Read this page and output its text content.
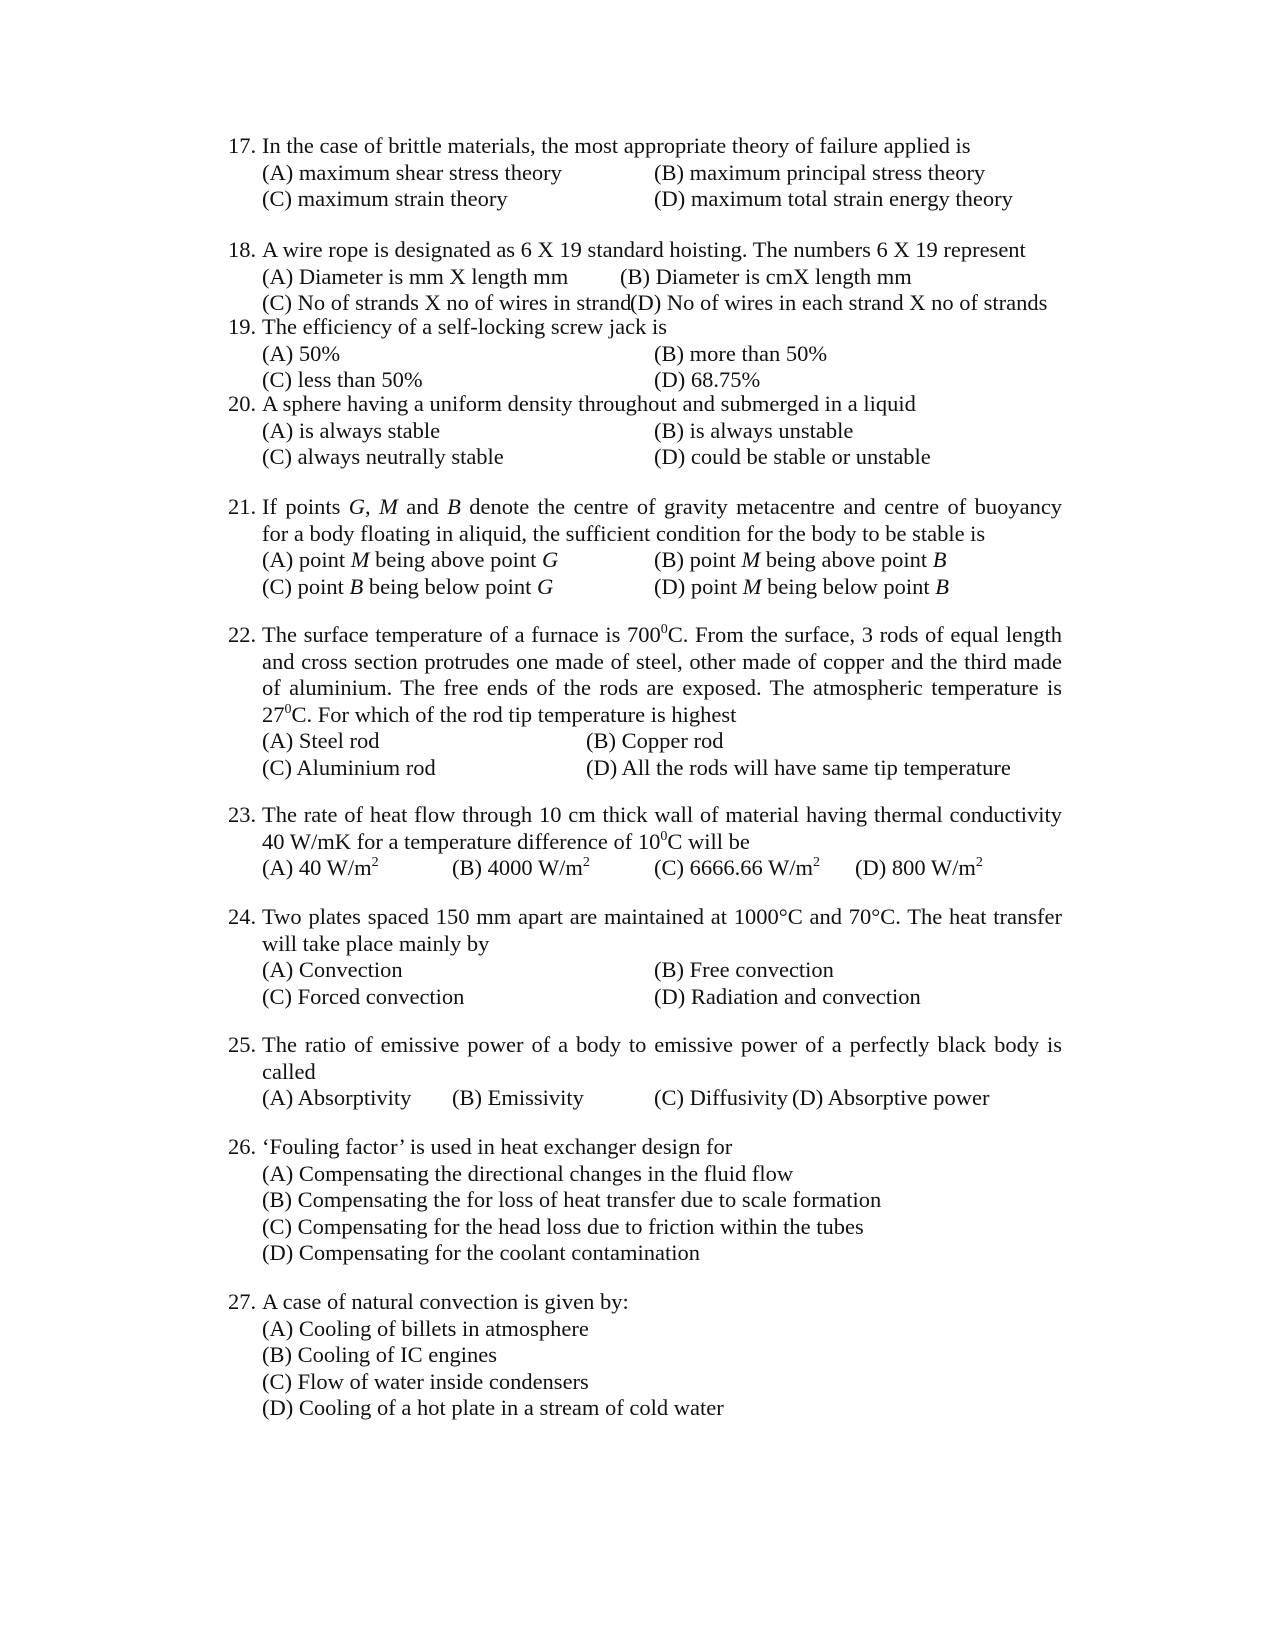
17. In the case of brittle materials, the most appropriate theory of failure applied is
(A) maximum shear stress theory	(B) maximum principal stress theory
(C) maximum strain theory	(D) maximum total strain energy theory
18. A wire rope is designated as 6 X 19 standard hoisting. The numbers 6 X 19 represent
(A) Diameter is mm X length mm (B) Diameter is cmX length mm
(C) No of strands X no of wires in strand
(D) No of wires in each strand X no of strands
19. The efficiency of a self-locking screw jack is
(A) 50%	(B) more than 50%
(C) less than 50%	(D) 68.75%
20. A sphere having a uniform density throughout and submerged in a liquid
(A) is always stable	(B) is always unstable
(C) always neutrally stable	(D) could be stable or unstable
21. If points G, M and B denote the centre of gravity metacentre and centre of buoyancy
for a body floating in aliquid, the sufficient condition for the body to be stable is
(A) point M being above point G	(B) point M being above point B
(C) point B being below point G	(D) point M being below point B
22. The surface temperature of a furnace is $700^0C$. From the surface, 3 rods of equal length
and cross section protrudes one made of steel, other made of copper and the third made
of aluminium. The free ends of the rods are exposed. The atmospheric temperature is
$27^0C$. For which of the rod tip temperature is highest
(A) Steel rod	(B) Copper rod
(C) Aluminium rod	(D) All the rods will have same tip temperature
23. The rate of heat flow through 10 cm thick wall of material having thermal conductivity
40 W/mK for a temperature difference of $10^0C$ will be
(A) 40 $W/m^2$	(B) 4000 $W/m^2$	(C) 6666.66 $W/m^2$ (D) 800 $W/m^2$
24. Two plates spaced 150 mm apart are maintained at 1000°C and 70°C. The heat transfer
will take place mainly by
(A) Convection	(B) Free convection
(C) Forced convection	(D) Radiation and convection
25. The ratio of emissive power of a body to emissive power of a perfectly black body is
called
(A) Absorptivity (B) Emissivity	(C) Diffusivity (D) Absorptive power
26. ‘Fouling factor’ is used in heat exchanger design for
(A) Compensating the directional changes in the fluid flow
(B) Compensating the for loss of heat transfer due to scale formation
(C) Compensating for the head loss due to friction within the tubes
(D) Compensating for the coolant contamination
27. A case of natural convection is given by:
(A) Cooling of billets in atmosphere
(B) Cooling of IC engines
(C) Flow of water inside condensers
(D) Cooling of a hot plate in a stream of cold water
